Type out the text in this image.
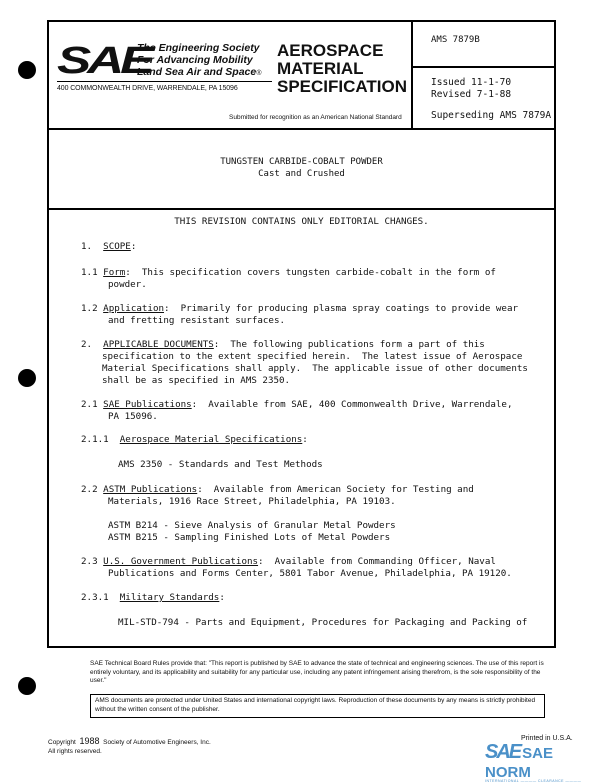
SAE
The Engineering Society
For Advancing Mobility
Land Sea Air and Space®
400 COMMONWEALTH DRIVE, WARRENDALE, PA 15096
AEROSPACE
MATERIAL
SPECIFICATION
Submitted for recognition as an American National Standard
AMS 7879B
Issued 11-1-70
Revised 7-1-88
Superseding AMS 7879A
TUNGSTEN CARBIDE-COBALT POWDER
Cast and Crushed
THIS REVISION CONTAINS ONLY EDITORIAL CHANGES.
1. SCOPE:
1.1 Form:  This specification covers tungsten carbide-cobalt in the form of
powder.
1.2 Application:  Primarily for producing plasma spray coatings to provide wear
and fretting resistant surfaces.
2. APPLICABLE DOCUMENTS:  The following publications form a part of this
specification to the extent specified herein.  The latest issue of Aerospace
Material Specifications shall apply.  The applicable issue of other documents
shall be as specified in AMS 2350.
2.1 SAE Publications:  Available from SAE, 400 Commonwealth Drive, Warrendale,
PA 15096.
2.1.1 Aerospace Material Specifications:
AMS 2350 - Standards and Test Methods
2.2 ASTM Publications:  Available from American Society for Testing and
Materials, 1916 Race Street, Philadelphia, PA 19103.
ASTM B214 - Sieve Analysis of Granular Metal Powders
ASTM B215 - Sampling Finished Lots of Metal Powders
2.3 U.S. Government Publications:  Available from Commanding Officer, Naval
Publications and Forms Center, 5801 Tabor Avenue, Philadelphia, PA 19120.
2.3.1 Military Standards:
MIL-STD-794 - Parts and Equipment, Procedures for Packaging and Packing of
SAE Technical Board Rules provide that: "This report is published by SAE to advance the state of technical and engineering sciences. The use of this report is entirely voluntary, and its applicability and suitability for any particular use, including any patent infringement arising therefrom, is the sole responsibility of the user."
AMS documents are protected under United States and international copyright laws. Reproduction of these documents by any means is strictly prohibited without the written consent of the publisher.
Copyright 1988 Society of Automotive Engineers, Inc.
All rights reserved.
Printed in U.S.A.
SAE SAE NORM
INTERNATIONAL ———— CLEARANCE ————
